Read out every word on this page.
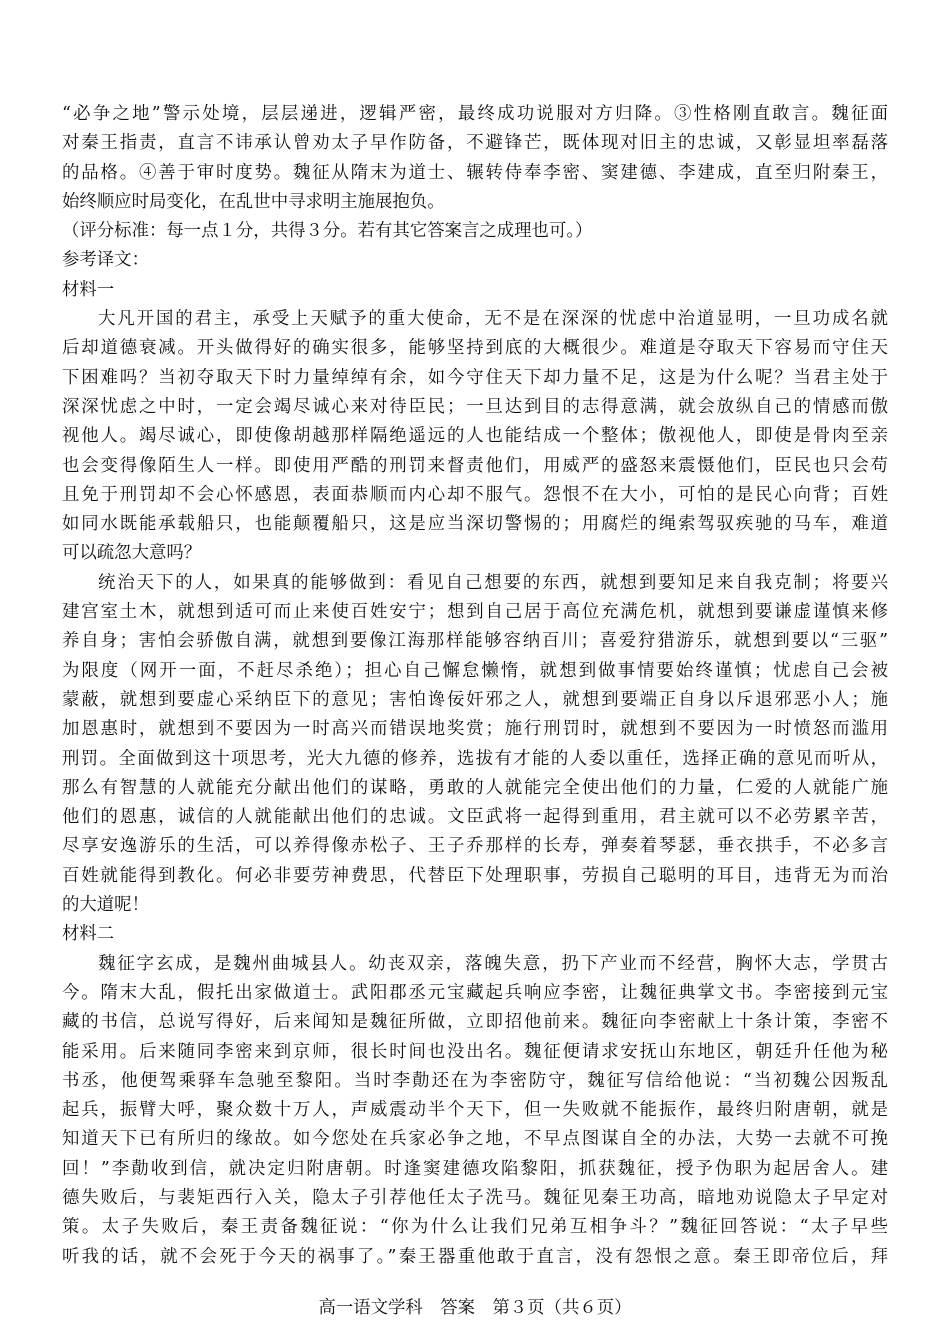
“必争之地”警示处境，层层递进，逻辑严密，最终成功说服对方归降。③性格刚直敢言。魏征面
对秦王指责，直言不讳承认曾劝太子早作防备，不避锋芒，既体现对旧主的忠诚，又彰显坦率磊落
的品格。④善于审时度势。魏征从隋末为道士、辗转侍奉李密、窦建德、李建成，直至归附秦王，
始终顺应时局变化，在乱世中寻求明主施展抱负。
（评分标准：每一点１分，共得３分。若有其它答案言之成理也可。）
参考译文：
材料一
大凡开国的君主，承受上天赋予的重大使命，无不是在深深的忧虑中治道显明，一旦功成名就
后却道德衰减。开头做得好的确实很多，能够坚持到底的大概很少。难道是夺取天下容易而守住天
下困难吗？当初夺取天下时力量绰绰有余，如今守住天下却力量不足，这是为什么呢？当君主处于
深深忧虑之中时，一定会竭尽诚心来对待臣民；一旦达到目的志得意满，就会放纵自己的情感而傲
视他人。竭尽诚心，即使像胡越那样隔绝遥远的人也能结成一个整体；傲视他人，即使是骨肉至亲
也会变得像陌生人一样。即使用严酷的刑罚来督责他们，用威严的盛怒来震慑他们，臣民也只会苟
且免于刑罚却不会心怀感恩，表面恭顺而内心却不服气。怨恨不在大小，可怕的是民心向背；百姓
如同水既能承载船只，也能颠覆船只，这是应当深切警惕的；用腐烂的绳索驾驭疾驰的马车，难道
可以疏忽大意吗？
统治天下的人，如果真的能够做到：看见自己想要的东西，就想到要知足来自我克制；将要兴
建宫室土木，就想到适可而止来使百姓安宁；想到自己居于高位充满危机，就想到要谦虚谨慎来修
养自身；害怕会骄傲自满，就想到要像江海那样能够容纳百川；喜爱狩猎游乐，就想到要以“三驱”
为限度（网开一面，不赶尽杀绝）；担心自己懈怠懒惰，就想到做事情要始终谨慎；忧虑自己会被
蒙蔽，就想到要虚心采纳臣下的意见；害怕谗佞奸邪之人，就想到要端正自身以斥退邪恶小人；施
加恩惠时，就想到不要因为一时高兴而错误地奖赏；施行刑罚时，就想到不要因为一时愤怒而滥用
刑罚。全面做到这十项思考，光大九德的修养，选拔有才能的人委以重任，选择正确的意见而听从，
那么有智慧的人就能充分献出他们的谋略，勇敢的人就能完全使出他们的力量，仁爱的人就能广施
他们的恩惠，诚信的人就能献出他们的忠诚。文臣武将一起得到重用，君主就可以不必劳累辛苦，
尽享安逸游乐的生活，可以养得像赤松子、王子乔那样的长寿，弹奏着琴瑟，垂衣拱手，不必多言
百姓就能得到教化。何必非要劳神费思，代替臣下处理职事，劳损自己聪明的耳目，违背无为而治
的大道呢！
材料二
魏征字玄成，是魏州曲城县人。幼丧双亲，落魄失意，扔下产业而不经营，胸怀大志，学贯古
今。隋末大乱，假托出家做道士。武阳郡丞元宝藏起兵响应李密，让魏征典掌文书。李密接到元宝
藏的书信，总说写得好，后来闻知是魏征所做，立即招他前来。魏征向李密献上十条计策，李密不
能采用。后来随同李密来到京师，很长时间也没出名。魏征便请求安抚山东地区，朝廷升任他为秘
书丞，他便驾乘驿车急驰至黎阳。当时李勣还在为李密防守，魏征写信给他说：“当初魏公因叛乱
起兵，振臂大呼，聚众数十万人，声威震动半个天下，但一失败就不能振作，最终归附唐朝，就是
知道天下已有所归的缘故。如今您处在兵家必争之地，不早点图谋自全的办法，大势一去就不可挽
回！”李勣收到信，就决定归附唐朝。时逢窦建德攻陷黎阳，抓获魏征，授予伪职为起居舍人。建
德失败后，与裴矩西行入关，隐太子引荐他任太子洗马。魏征见秦王功高，暗地劝说隐太子早定对
策。太子失败后，秦王责备魏征说：“你为什么让我们兄弟互相争斗？”魏征回答说：“太子早些
听我的话，就不会死于今天的祸事了。”秦王器重他敢于直言，没有怨恨之意。秦王即帝位后，拜
高一语文学科　答案　第３页（共６页）
